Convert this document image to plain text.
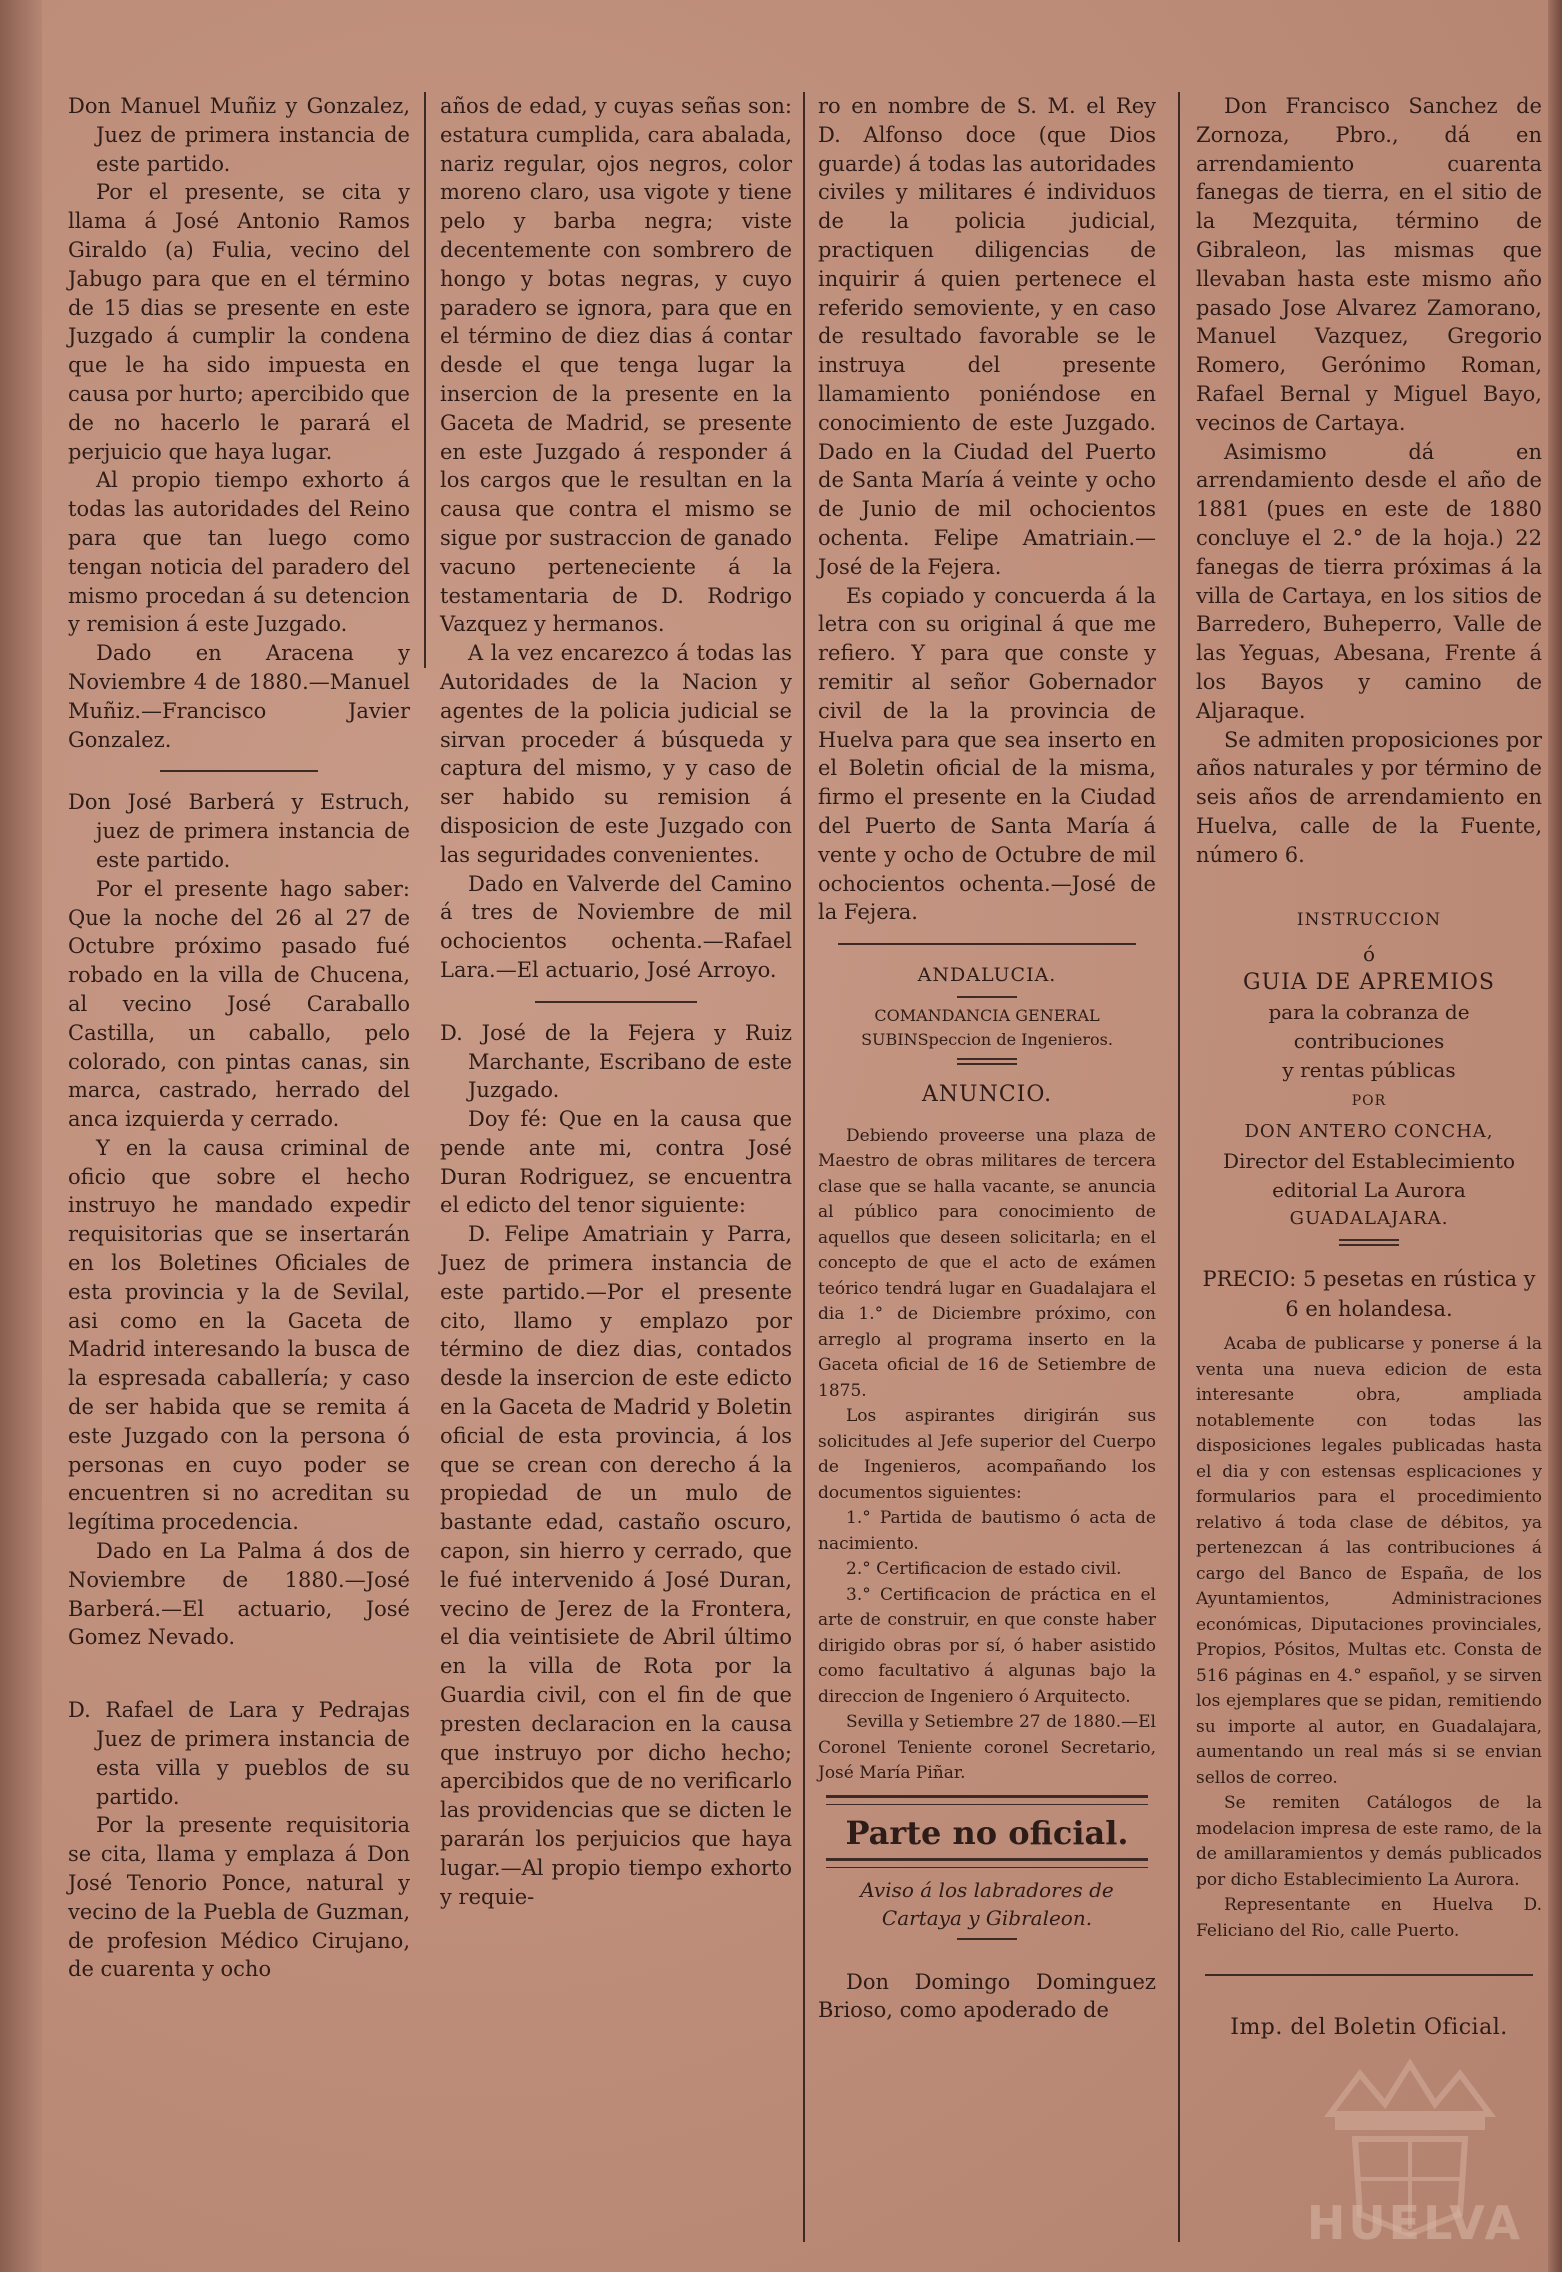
Don Manuel Muñiz y Gonzalez, Juez de primera instancia de este partido.

Por el presente, se cita y llama á José Antonio Ramos Giraldo (a) Fulia, vecino del Jabugo para que en el término de 15 dias se presente en este Juzgado á cumplir la condena que le ha sido impuesta en causa por hurto; apercibido que de no hacerlo le parará el perjuicio que haya lugar.

Al propio tiempo exhorto á todas las autoridades del Reino para que tan luego como tengan noticia del paradero del mismo procedan á su detencion y remision á este Juzgado.

Dado en Aracena y Noviembre 4 de 1880.—Manuel Muñiz.—Francisco Javier Gonzalez.

Don José Barberá y Estruch, juez de primera instancia de este partido.

Por el presente hago saber: Que la noche del 26 al 27 de Octubre próximo pasado fué robado en la villa de Chucena, al vecino José Caraballo Castilla, un caballo, pelo colorado, con pintas canas, sin marca, castrado, herrado del anca izquierda y cerrado.

Y en la causa criminal de oficio que sobre el hecho instruyo he mandado expedir requisitorias que se insertarán en los Boletines Oficiales de esta provincia y la de Sevilal, asi como en la Gaceta de Madrid interesando la busca de la espresada caballería; y caso de ser habida que se remita á este Juzgado con la persona ó personas en cuyo poder se encuentren si no acreditan su legítima procedencia.

Dado en La Palma á dos de Noviembre de 1880.—José Barberá.—El actuario, José Gomez Nevado.

D. Rafael de Lara y Pedrajas Juez de primera instancia de esta villa y pueblos de su partido.

Por la presente requisitoria se cita, llama y emplaza á Don José Tenorio Ponce, natural y vecino de la Puebla de Guzman, de profesion Médico Cirujano, de cuarenta y ocho

años de edad, y cuyas señas son: estatura cumplida, cara abalada, nariz regular, ojos negros, color moreno claro, usa vigote y tiene pelo y barba negra; viste decentemente con sombrero de hongo y botas negras, y cuyo paradero se ignora, para que en el término de diez dias á contar desde el que tenga lugar la insercion de la presente en la Gaceta de Madrid, se presente en este Juzgado á responder á los cargos que le resultan en la causa que contra el mismo se sigue por sustraccion de ganado vacuno perteneciente á la testamentaria de D. Rodrigo Vazquez y hermanos.

A la vez encarezco á todas las Autoridades de la Nacion y agentes de la policia judicial se sirvan proceder á búsqueda y captura del mismo, y y caso de ser habido su remision á disposicion de este Juzgado con las seguridades convenientes.

Dado en Valverde del Camino á tres de Noviembre de mil ochocientos ochenta.—Rafael Lara.—El actuario, José Arroyo.

D. José de la Fejera y Ruiz Marchante, Escribano de este Juzgado.

Doy fé: Que en la causa que pende ante mi, contra José Duran Rodriguez, se encuentra el edicto del tenor siguiente:

D. Felipe Amatriain y Parra, Juez de primera instancia de este partido.—Por el presente cito, llamo y emplazo por término de diez dias, contados desde la insercion de este edicto en la Gaceta de Madrid y Boletin oficial de esta provincia, á los que se crean con derecho á la propiedad de un mulo de bastante edad, castaño oscuro, capon, sin hierro y cerrado, que le fué intervenido á José Duran, vecino de Jerez de la Frontera, el dia veintisiete de Abril último en la villa de Rota por la Guardia civil, con el fin de que presten declaracion en la causa que instruyo por dicho hecho; apercibidos que de no verificarlo las providencias que se dicten le pararán los perjuicios que haya lugar.—Al propio tiempo exhorto y requie-

ro en nombre de S. M. el Rey D. Alfonso doce (que Dios guarde) á todas las autoridades civiles y militares é individuos de la policia judicial, practiquen diligencias de inquirir á quien pertenece el referido semoviente, y en caso de resultado favorable se le instruya del presente llamamiento poniéndose en conocimiento de este Juzgado. Dado en la Ciudad del Puerto de Santa María á veinte y ocho de Junio de mil ochocientos ochenta. Felipe Amatriain.—José de la Fejera.

Es copiado y concuerda á la letra con su original á que me refiero. Y para que conste y remitir al señor Gobernador civil de la la provincia de Huelva para que sea inserto en el Boletin oficial de la misma, firmo el presente en la Ciudad del Puerto de Santa María á vente y ocho de Octubre de mil ochocientos ochenta.—José de la Fejera.

ANDALUCIA.

COMANDANCIA GENERAL SUBINSpeccion de Ingenieros.

ANUNCIO.

Debiendo proveerse una plaza de Maestro de obras militares de tercera clase que se halla vacante, se anuncia al público para conocimiento de aquellos que deseen solicitarla; en el concepto de que el acto de exámen teórico tendrá lugar en Guadalajara el dia 1.° de Diciembre próximo, con arreglo al programa inserto en la Gaceta oficial de 16 de Setiembre de 1875.

Los aspirantes dirigirán sus solicitudes al Jefe superior del Cuerpo de Ingenieros, acompañando los documentos siguientes:

1.° Partida de bautismo ó acta de nacimiento.

2.° Certificacion de estado civil.

3.° Certificacion de práctica en el arte de construir, en que conste haber dirigido obras por sí, ó haber asistido como facultativo á algunas bajo la direccion de Ingeniero ó Arquitecto.

Sevilla y Setiembre 27 de 1880.—El Coronel Teniente coronel Secretario, José María Piñar.

Parte no oficial.

Aviso á los labradores de Cartaya y Gibraleon.

Don Domingo Dominguez Brioso, como apoderado de

Don Francisco Sanchez de Zornoza, Pbro., dá en arrendamiento cuarenta fanegas de tierra, en el sitio de la Mezquita, término de Gibraleon, las mismas que llevaban hasta este mismo año pasado Jose Alvarez Zamorano, Manuel Vazquez, Gregorio Romero, Gerónimo Roman, Rafael Bernal y Miguel Bayo, vecinos de Cartaya.

Asimismo dá en arrendamiento desde el año de 1881 (pues en este de 1880 concluye el 2.° de la hoja.) 22 fanegas de tierra próximas á la villa de Cartaya, en los sitios de Barredero, Buheperro, Valle de las Yeguas, Abesana, Frente á los Bayos y camino de Aljaraque.

Se admiten proposiciones por años naturales y por término de seis años de arrendamiento en Huelva, calle de la Fuente, número 6.

INSTRUCCION

ó

GUIA DE APREMIOS

para la cobranza de contribuciones

y rentas públicas

POR

DON ANTERO CONCHA,

Director del Establecimiento editorial La Aurora

GUADALAJARA.

PRECIO: 5 pesetas en rústica y 6 en holandesa.

Acaba de publicarse y ponerse á la venta una nueva edicion de esta interesante obra, ampliada notablemente con todas las disposiciones legales publicadas hasta el dia y con estensas esplicaciones y formularios para el procedimiento relativo á toda clase de débitos, ya pertenezcan á las contribuciones á cargo del Banco de España, de los Ayuntamientos, Administraciones económicas, Diputaciones provinciales, Propios, Pósitos, Multas etc. Consta de 516 páginas en 4.° español, y se sirven los ejemplares que se pidan, remitiendo su importe al autor, en Guadalajara, aumentando un real más si se envian sellos de correo.

Se remiten Catálogos de la modelacion impresa de este ramo, de la de amillaramientos y demás publicados por dicho Establecimiento La Aurora.

Representante en Huelva D. Feliciano del Rio, calle Puerto.

Imp. del Boletin Oficial.

HUELVA
